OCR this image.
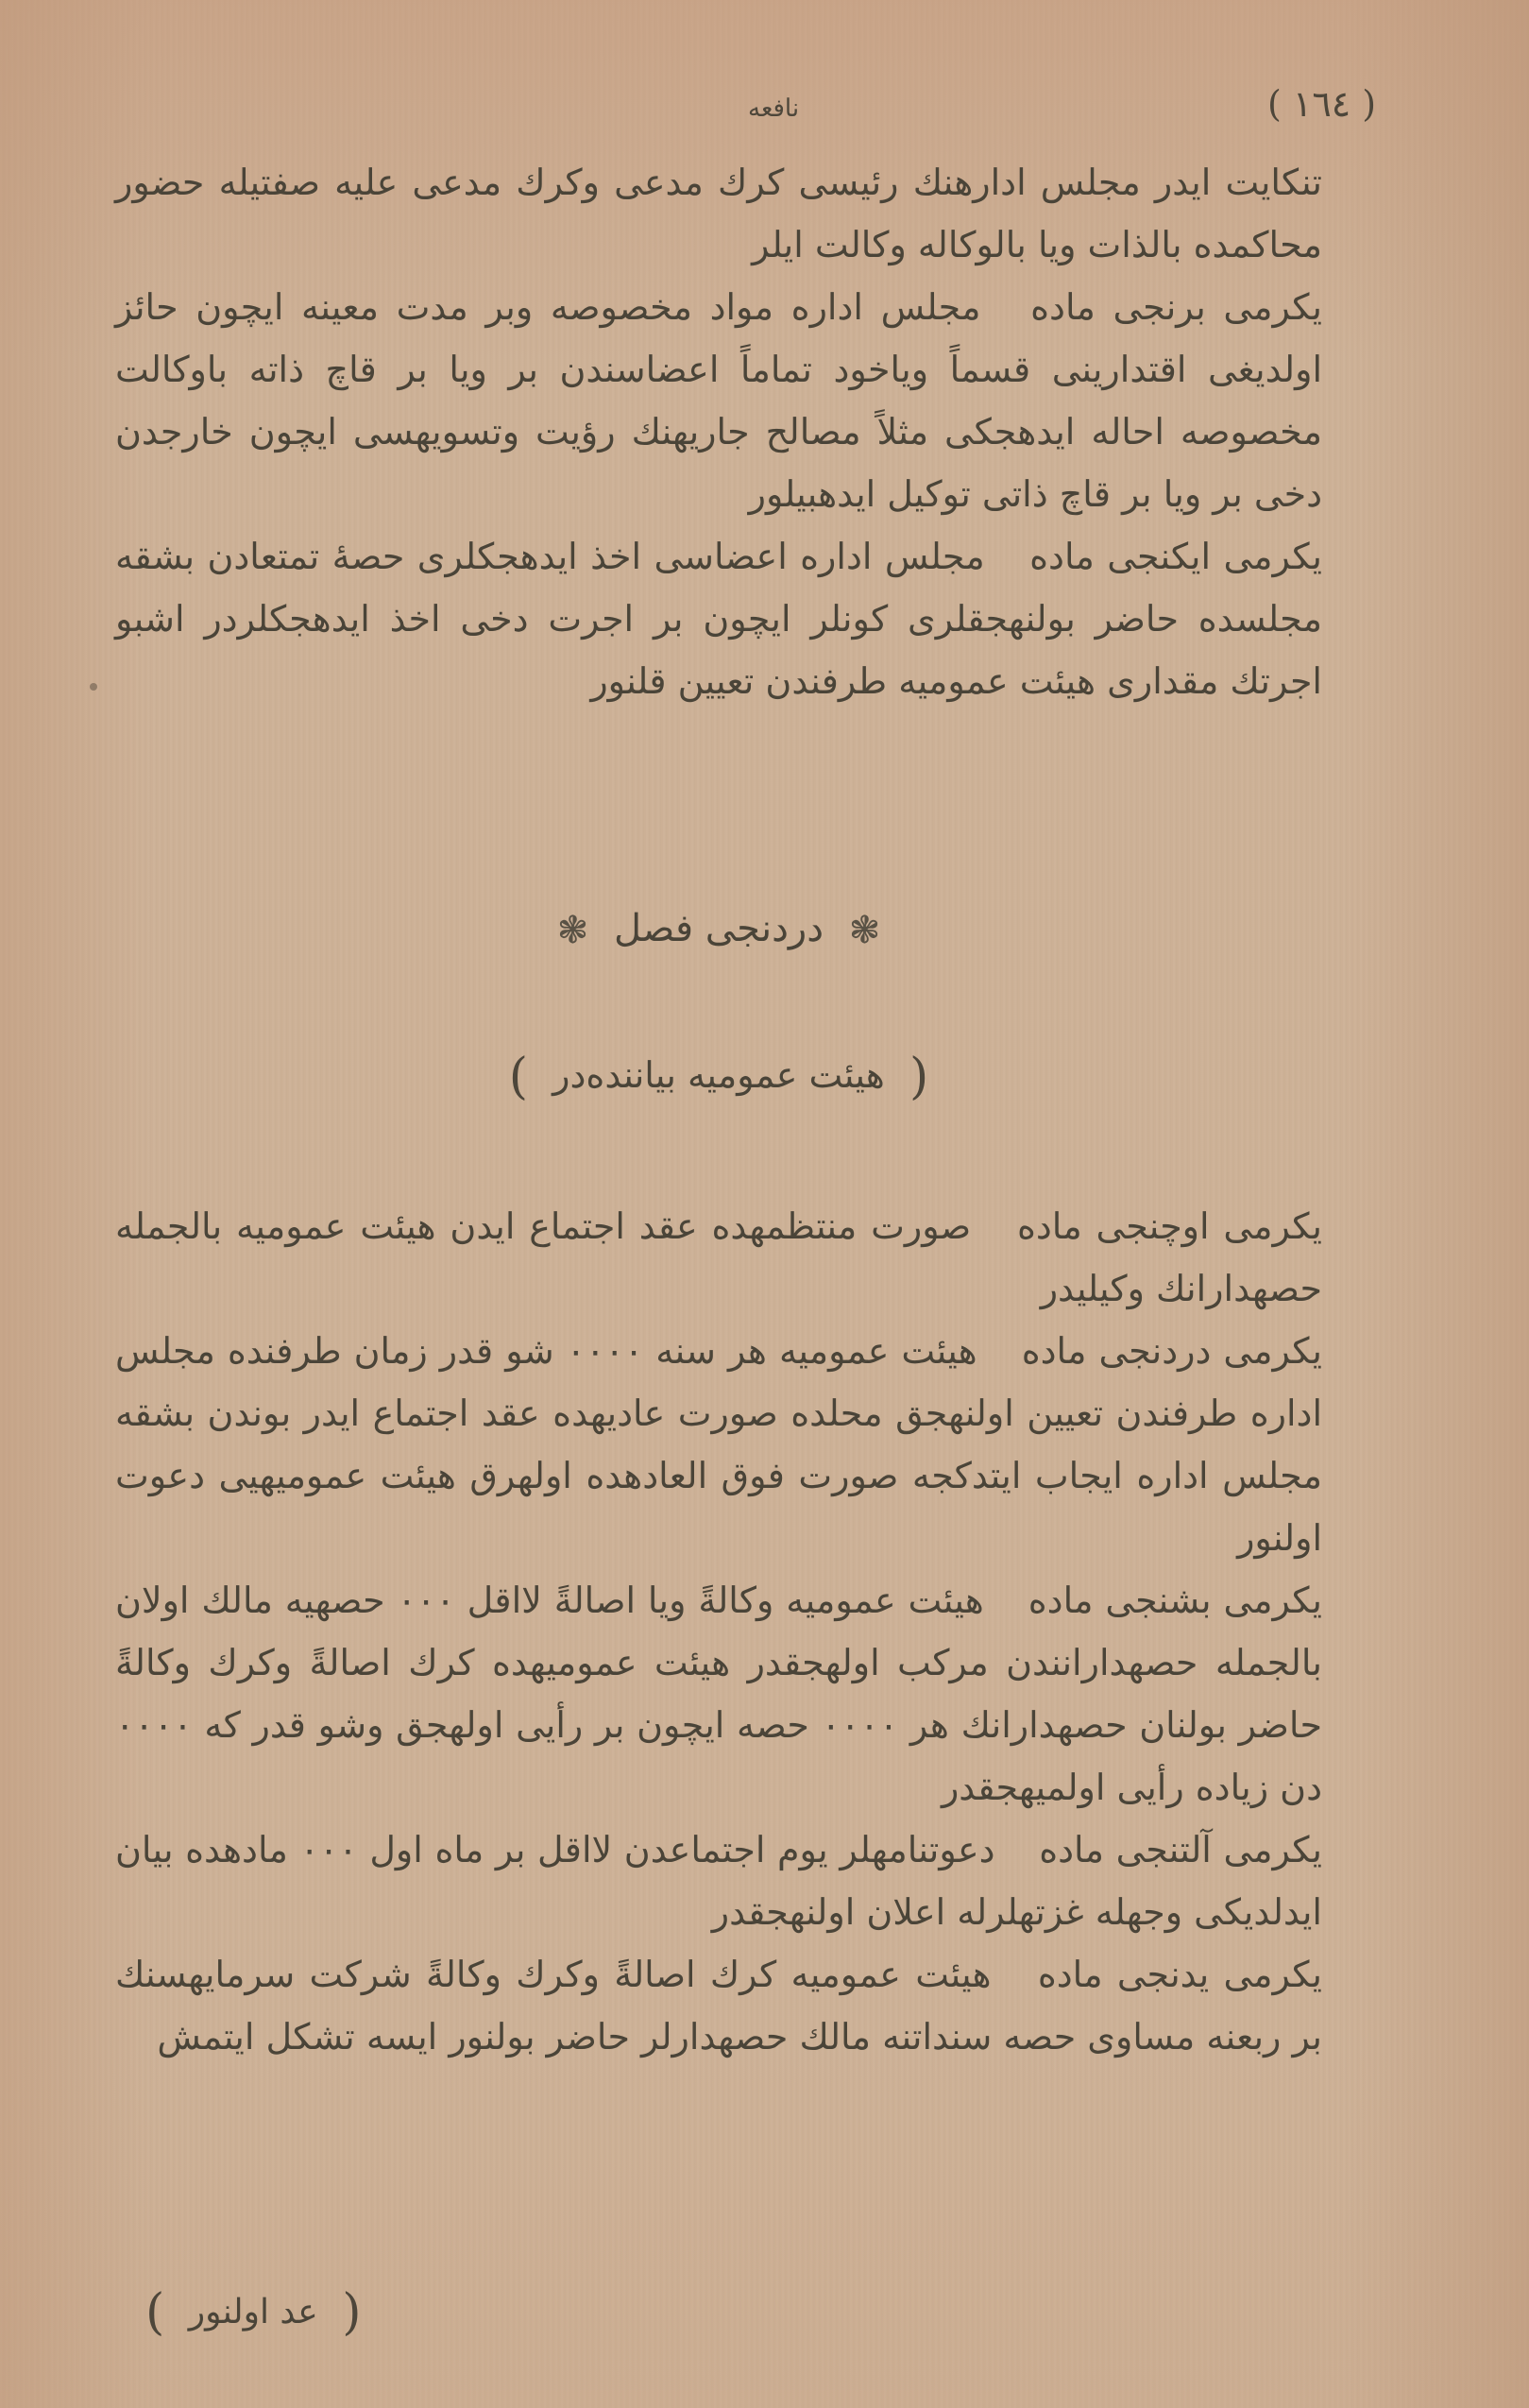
نافعه	( ١٦٤ )

تنكايت ايدر مجلس ادارهنك رئيسى كرك مدعى وكرك مدعى عليه صفتيله حضور محاكمده بالذات ويا بالوكاله وكالت ايلر

يكرمى برنجى ماده مجلس اداره مواد مخصوصه وبر مدت معينه ايچون حائز اولديغى اقتدارينى قسماً وياخود تماماً اعضاسندن بر ويا بر قاچ ذاته باوكالت مخصوصه احاله ايدهجكى مثلاً مصالح جاريهنك رؤيت وتسويهسى ايچون خارجدن دخى بر ويا بر قاچ ذاتى توكيل ايدهبيلور

يكرمى ايكنجى ماده مجلس اداره اعضاسى اخذ ايدهجكلرى حصهٔ تمتعادن بشقه مجلسده حاضر بولنهجقلرى كونلر ايچون بر اجرت دخى اخذ ايدهجكلردر اشبو اجرتك مقدارى هيئت عموميه طرفندن تعيين قلنور

❃ دردنجى فصل ❃
( هيئت عموميه بياننده‌در )

يكرمى اوچنجى ماده صورت منتظمهده عقد اجتماع ايدن هيئت عموميه بالجمله حصهدارانك وكيليدر

يكرمى دردنجى ماده هيئت عموميه هر سنه ٠٠٠٠ شو قدر زمان طرفنده مجلس اداره طرفندن تعيين اولنهجق محلده صورت عاديهده عقد اجتماع ايدر بوندن بشقه مجلس اداره ايجاب ايتدكجه صورت فوق العادهده اولهرق هيئت عموميهيى دعوت اولنور

يكرمى بشنجى ماده هيئت عموميه وكالةً ويا اصالةً لااقل ٠٠٠ حصهيه مالك اولان بالجمله حصهدارانندن مركب اولهجقدر هيئت عموميهده كرك اصالةً وكرك وكالةً حاضر بولنان حصهدارانك هر ٠٠٠٠ حصه ايچون بر رأيى اولهجق وشو قدر كه ٠٠٠٠ دن زياده رأيى اولميهجقدر

يكرمى آلتنجى ماده دعوتنامهلر يوم اجتماعدن لااقل بر ماه اول ٠٠٠ مادهده بيان ايدلديكى وجهله غزتهلرله اعلان اولنهجقدر

يكرمى يدنجى ماده هيئت عموميه كرك اصالةً وكرك وكالةً شركت سرمايهسنك بر ربعنه مساوى حصه سنداتنه مالك حصهدارلر حاضر بولنور ايسه تشكل ايتمش

( عد اولنور )
